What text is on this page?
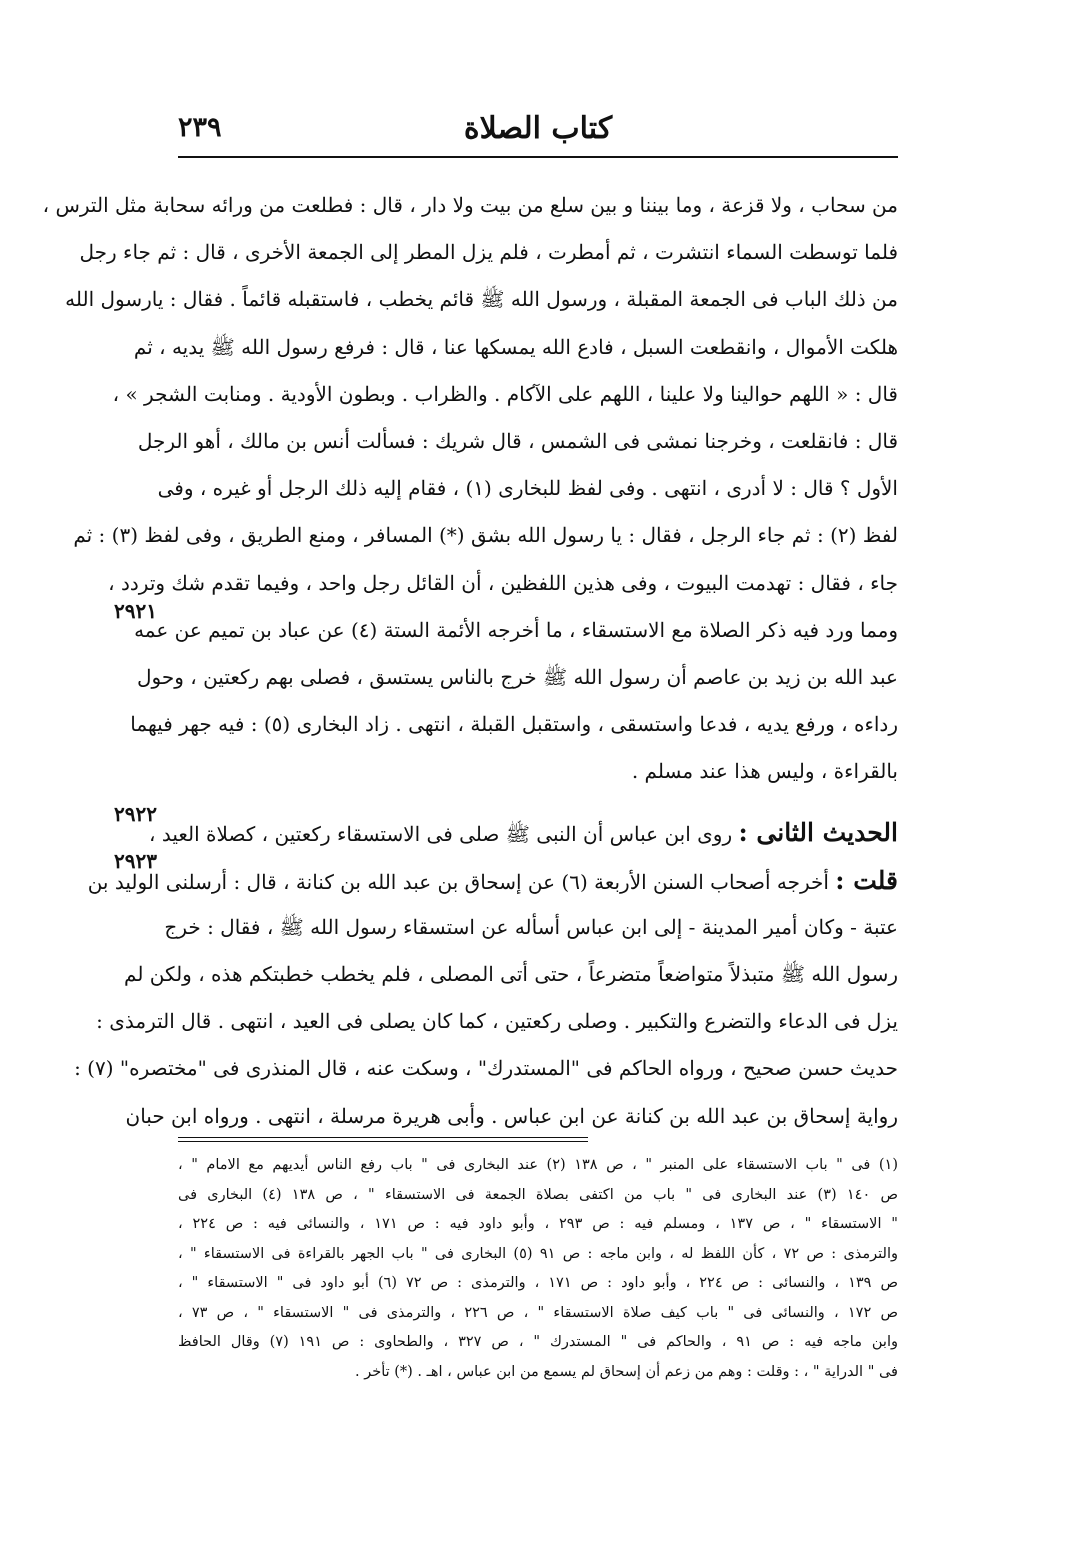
كتاب الصلاة
٢٣٩
من سحاب ، ولا قزعة ، وما بيننا و بين سلع من بيت ولا دار ، قال : فطلعت من ورائه سحابة مثل الترس ،
فلما توسطت السماء انتشرت ، ثم أمطرت ، فلم يزل المطر إلى الجمعة الأخرى ، قال : ثم جاء رجل
من ذلك الباب فى الجمعة المقبلة ، ورسول الله ﷺ قائم يخطب ، فاستقبله قائماً . فقال : يارسول الله
هلكت الأموال ، وانقطعت السبل ، فادع الله يمسكها عنا ، قال : فرفع رسول الله ﷺ يديه ، ثم
قال : « اللهم حوالينا ولا علينا ، اللهم على الآكام . والظراب . وبطون الأودية . ومنابت الشجر » ،
قال : فانقلعت ، وخرجنا نمشى فى الشمس ، قال شريك : فسألت أنس بن مالك ، أهو الرجل
الأول ؟ قال : لا أدرى ، انتهى . وفى لفظ للبخارى (١) ، فقام إليه ذلك الرجل أو غيره ، وفى
لفظ (٢) : ثم جاء الرجل ، فقال : يا رسول الله بشق (*) المسافر ، ومنع الطريق ، وفى لفظ (٣) : ثم
جاء ، فقال : تهدمت البيوت ، وفى هذين اللفظين ، أن القائل رجل واحد ، وفيما تقدم شك وتردد ،
ومما ورد فيه ذكر الصلاة مع الاستسقاء ، ما أخرجه الأئمة الستة (٤) عن عباد بن تميم عن عمه
عبد الله بن زيد بن عاصم أن رسول الله ﷺ خرج بالناس يستسق ، فصلى بهم ركعتين ، وحول
رداءه ، ورفع يديه ، فدعا واستسقى ، واستقبل القبلة ، انتهى . زاد البخارى (٥) : فيه جهر فيهما
بالقراءة ، وليس هذا عند مسلم .
الحديث الثانى : روى ابن عباس أن النبى ﷺ صلى فى الاستسقاء ركعتين ، كصلاة العيد ،
قلت : أخرجه أصحاب السنن الأربعة (٦) عن إسحاق بن عبد الله بن كنانة ، قال : أرسلنى الوليد بن
عتبة - وكان أمير المدينة - إلى ابن عباس أسأله عن استسقاء رسول الله ﷺ ، فقال : خرج
رسول الله ﷺ متبذلاً متواضعاً متضرعاً ، حتى أتى المصلى ، فلم يخطب خطبتكم هذه ، ولكن لم
يزل فى الدعاء والتضرع والتكبير . وصلى ركعتين ، كما كان يصلى فى العيد ، انتهى . قال الترمذى :
حديث حسن صحيح ، ورواه الحاكم فى "المستدرك" ، وسكت عنه ، قال المنذرى فى "مختصره" (٧) :
رواية إسحاق بن عبد الله بن كنانة عن ابن عباس . وأبى هريرة مرسلة ، انتهى . ورواه ابن حبان
٢٩٢١
٢٩٢٢
٢٩٢٣
(١) فى " باب الاستسقاء على المنبر " ، ص ١٣٨ (٢) عند البخارى فى " باب رفع الناس أيديهم مع الامام " ،
ص ١٤٠ (٣) عند البخارى فى " باب من اكتفى بصلاة الجمعة فى الاستسقاء " ، ص ١٣٨ (٤) البخارى فى
" الاستسقاء " ، ص ١٣٧ ، ومسلم فيه : ص ٢٩٣ ، وأبو داود فيه : ص ١٧١ ، والنسائى فيه : ص ٢٢٤ ،
والترمذى : ص ٧٢ ، كأن اللفظ له ، وابن ماجه : ص ٩١ (٥) البخارى فى " باب الجهر بالقراءة فى الاستسقاء " ،
ص ١٣٩ ، والنسائى : ص ٢٢٤ ، وأبو داود : ص ١٧١ ، والترمذى : ص ٧٢ (٦) أبو داود فى " الاستسقاء " ،
ص ١٧٢ ، والنسائى فى " باب كيف صلاة الاستسقاء " ، ص ٢٢٦ ، والترمذى فى " الاستسقاء " ، ص ٧٣ ،
وابن ماجه فيه : ص ٩١ ، والحاكم فى " المستدرك " ، ص ٣٢٧ ، والطحاوى : ص ١٩١ (٧) وقال الحافظ
فى " الدراية " ، : وقلت : وهم من زعم أن إسحاق لم يسمع من ابن عباس ، اهـ . (*) تأخر .
